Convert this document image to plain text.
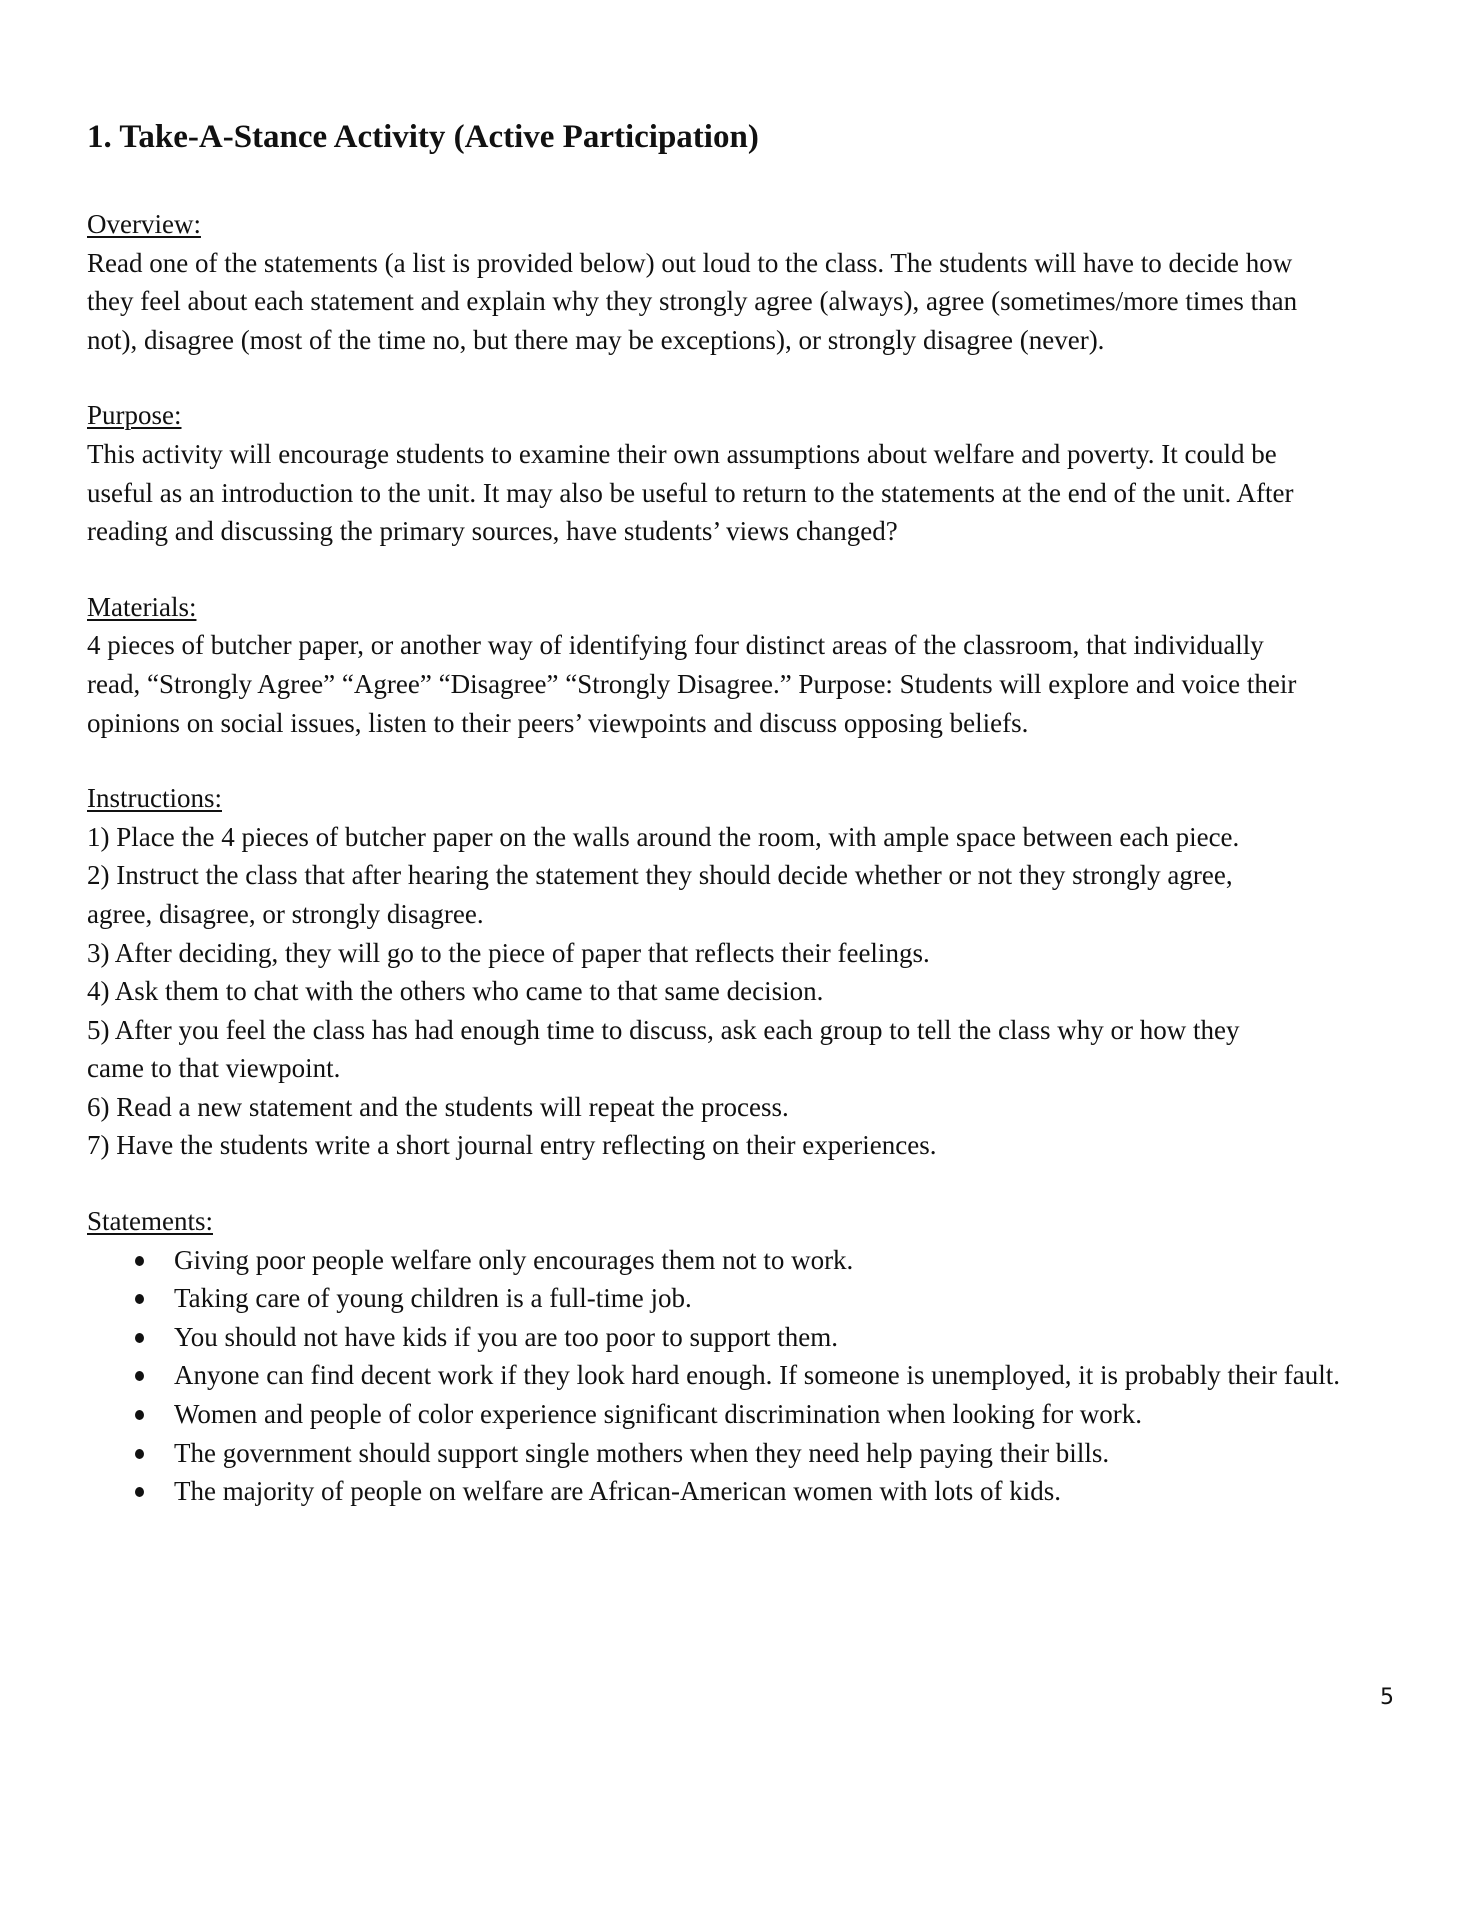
1. Take-A-Stance Activity (Active Participation)
Overview:
Read one of the statements (a list is provided below) out loud to the class. The students will have to decide how
they feel about each statement and explain why they strongly agree (always), agree (sometimes/more times than
not), disagree (most of the time no, but there may be exceptions), or strongly disagree (never).
Purpose:
This activity will encourage students to examine their own assumptions about welfare and poverty. It could be
useful as an introduction to the unit. It may also be useful to return to the statements at the end of the unit. After
reading and discussing the primary sources, have students’ views changed?
Materials:
4 pieces of butcher paper, or another way of identifying four distinct areas of the classroom, that individually
read, “Strongly Agree” “Agree” “Disagree” “Strongly Disagree.” Purpose: Students will explore and voice their
opinions on social issues, listen to their peers’ viewpoints and discuss opposing beliefs.
Instructions:
1) Place the 4 pieces of butcher paper on the walls around the room, with ample space between each piece.
2) Instruct the class that after hearing the statement they should decide whether or not they strongly agree,
agree, disagree, or strongly disagree.
3) After deciding, they will go to the piece of paper that reflects their feelings.
4) Ask them to chat with the others who came to that same decision.
5) After you feel the class has had enough time to discuss, ask each group to tell the class why or how they
came to that viewpoint.
6) Read a new statement and the students will repeat the process.
7) Have the students write a short journal entry reflecting on their experiences.
Statements:
Giving poor people welfare only encourages them not to work.
Taking care of young children is a full-time job.
You should not have kids if you are too poor to support them.
Anyone can find decent work if they look hard enough. If someone is unemployed, it is probably their fault.
Women and people of color experience significant discrimination when looking for work.
The government should support single mothers when they need help paying their bills.
The majority of people on welfare are African-American women with lots of kids.
5
